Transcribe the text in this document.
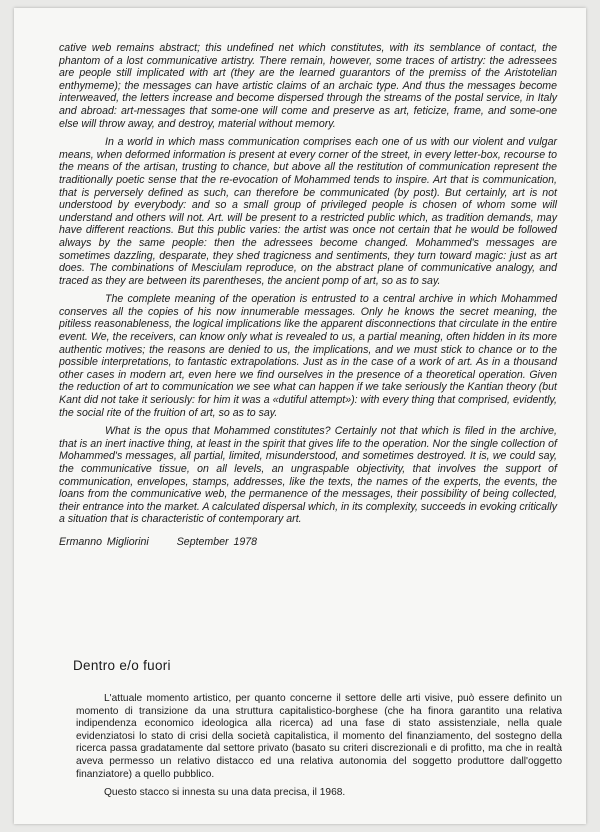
cative web remains abstract; this undefined net which constitutes, with its semblance of contact, the phantom of a lost communicative artistry. There remain, however, some traces of artistry: the adressees are people still implicated with art (they are the learned guarantors of the premiss of the Aristotelian enthymeme); the messages can have artistic claims of an archaic type. And thus the messages become interweaved, the letters increase and become dispersed through the streams of the postal service, in Italy and abroad: art-messages that some-one will come and preserve as art, feticize, frame, and some-one else will throw away, and destroy, material without memory.

In a world in which mass communication comprises each one of us with our violent and vulgar means, when deformed information is present at every corner of the street, in every letter-box, recourse to the means of the artisan, trusting to chance, but above all the restitution of communication represent the traditionally poetic sense that the re-evocation of Mohammed tends to inspire. Art that is communication, that is perversely defined as such, can therefore be communicated (by post). But certainly, art is not understood by everybody: and so a small group of privileged people is chosen of whom some will understand and others will not. Art. will be present to a restricted public which, as tradition demands, may have different reactions. But this public varies: the artist was once not certain that he would be followed always by the same people: then the adressees become changed. Mohammed's messages are sometimes dazzling, desparate, they shed tragicness and sentiments, they turn toward magic: just as art does. The combinations of Mesciulam reproduce, on the abstract plane of communicative analogy, and traced as they are between its parentheses, the ancient pomp of art, so as to say.

The complete meaning of the operation is entrusted to a central archive in which Mohammed conserves all the copies of his now innumerable messages. Only he knows the secret meaning, the pitiless reasonableness, the logical implications like the apparent disconnections that circulate in the entire event. We, the receivers, can know only what is revealed to us, a partial meaning, often hidden in its more authentic motives; the reasons are denied to us, the implications, and we must stick to chance or to the possible interpretations, to fantastic extrapolations. Just as in the case of a work of art. As in a thousand other cases in modern art, even here we find ourselves in the presence of a theoretical operation. Given the reduction of art to communication we see what can happen if we take seriously the Kantian theory (but Kant did not take it seriously: for him it was a «dutiful attempt»): with every thing that comprised, evidently, the social rite of the fruition of art, so as to say.

What is the opus that Mohammed constitutes? Certainly not that which is filed in the archive, that is an inert inactive thing, at least in the spirit that gives life to the operation. Nor the single collection of Mohammed's messages, all partial, limited, misunderstood, and sometimes destroyed. It is, we could say, the communicative tissue, on all levels, an ungraspable objectivity, that involves the support of communication, envelopes, stamps, addresses, like the texts, the names of the experts, the events, the loans from the communicative web, the permanence of the messages, their possibility of being collected, their entrance into the market. A calculated dispersal which, in its complexity, succeeds in evoking critically a situation that is characteristic of contemporary art.

Ermanno Migliorini	September 1978
Dentro e/o fuori

L'attuale momento artistico, per quanto concerne il settore delle arti visive, può essere definito un momento di transizione da una struttura capitalistico-borghese (che ha finora garantito una relativa indipendenza economico ideologica alla ricerca) ad una fase di stato assistenziale, nella quale evidenziatosi lo stato di crisi della società capitalistica, il momento del finanziamento, del sostegno della ricerca passa gradatamente dal settore privato (basato su criteri discrezionali e di profitto, ma che in realtà aveva permesso un relativo distacco ed una relativa autonomia del soggetto produttore dall'oggetto finanziatore) a quello pubblico.

Questo stacco si innesta su una data precisa, il 1968.
